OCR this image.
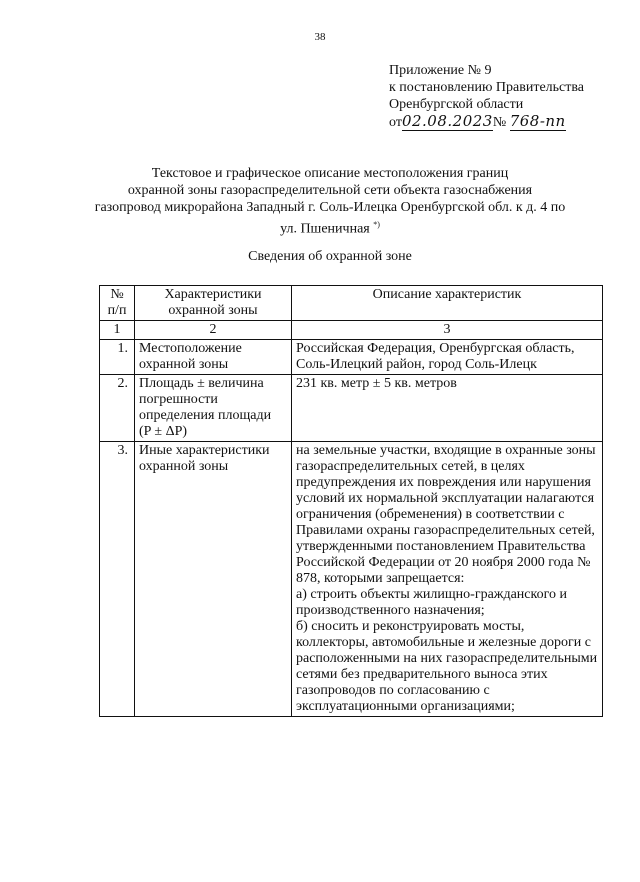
38
Приложение № 9
к постановлению Правительства
Оренбургской области
от02.08.2023№ 768-пп
Текстовое и графическое описание местоположения границ
охранной зоны газораспределительной сети объекта газоснабжения
газопровод микрорайона Западный г. Соль-Илецка Оренбургской обл. к д. 4 по
ул. Пшеничная *)
Сведения об охранной зоне
№ п/п	Характеристики охранной зоны	Описание характеристик
1	2	3
1.	Местоположение охранной зоны	Российская Федерация, Оренбургская область, Соль-Илецкий район, город Соль-Илецк
2.	Площадь ± величина погрешности определения площади (P ± ΔP)	231 кв. метр ± 5 кв. метров
3.	Иные характеристики охранной зоны	на земельные участки, входящие в охранные зоны газораспределительных сетей, в целях предупреждения их повреждения или нарушения условий их нормальной эксплуатации налагаются ограничения (обременения) в соответствии с Правилами охраны газораспределительных сетей, утвержденными постановлением Правительства Российской Федерации от 20 ноября 2000 года № 878, которыми запрещается:
а) строить объекты жилищно-гражданского и производственного назначения;
б) сносить и реконструировать мосты, коллекторы, автомобильные и железные дороги с расположенными на них газораспределительными сетями без предварительного выноса этих газопроводов по согласованию с эксплуатационными организациями;
